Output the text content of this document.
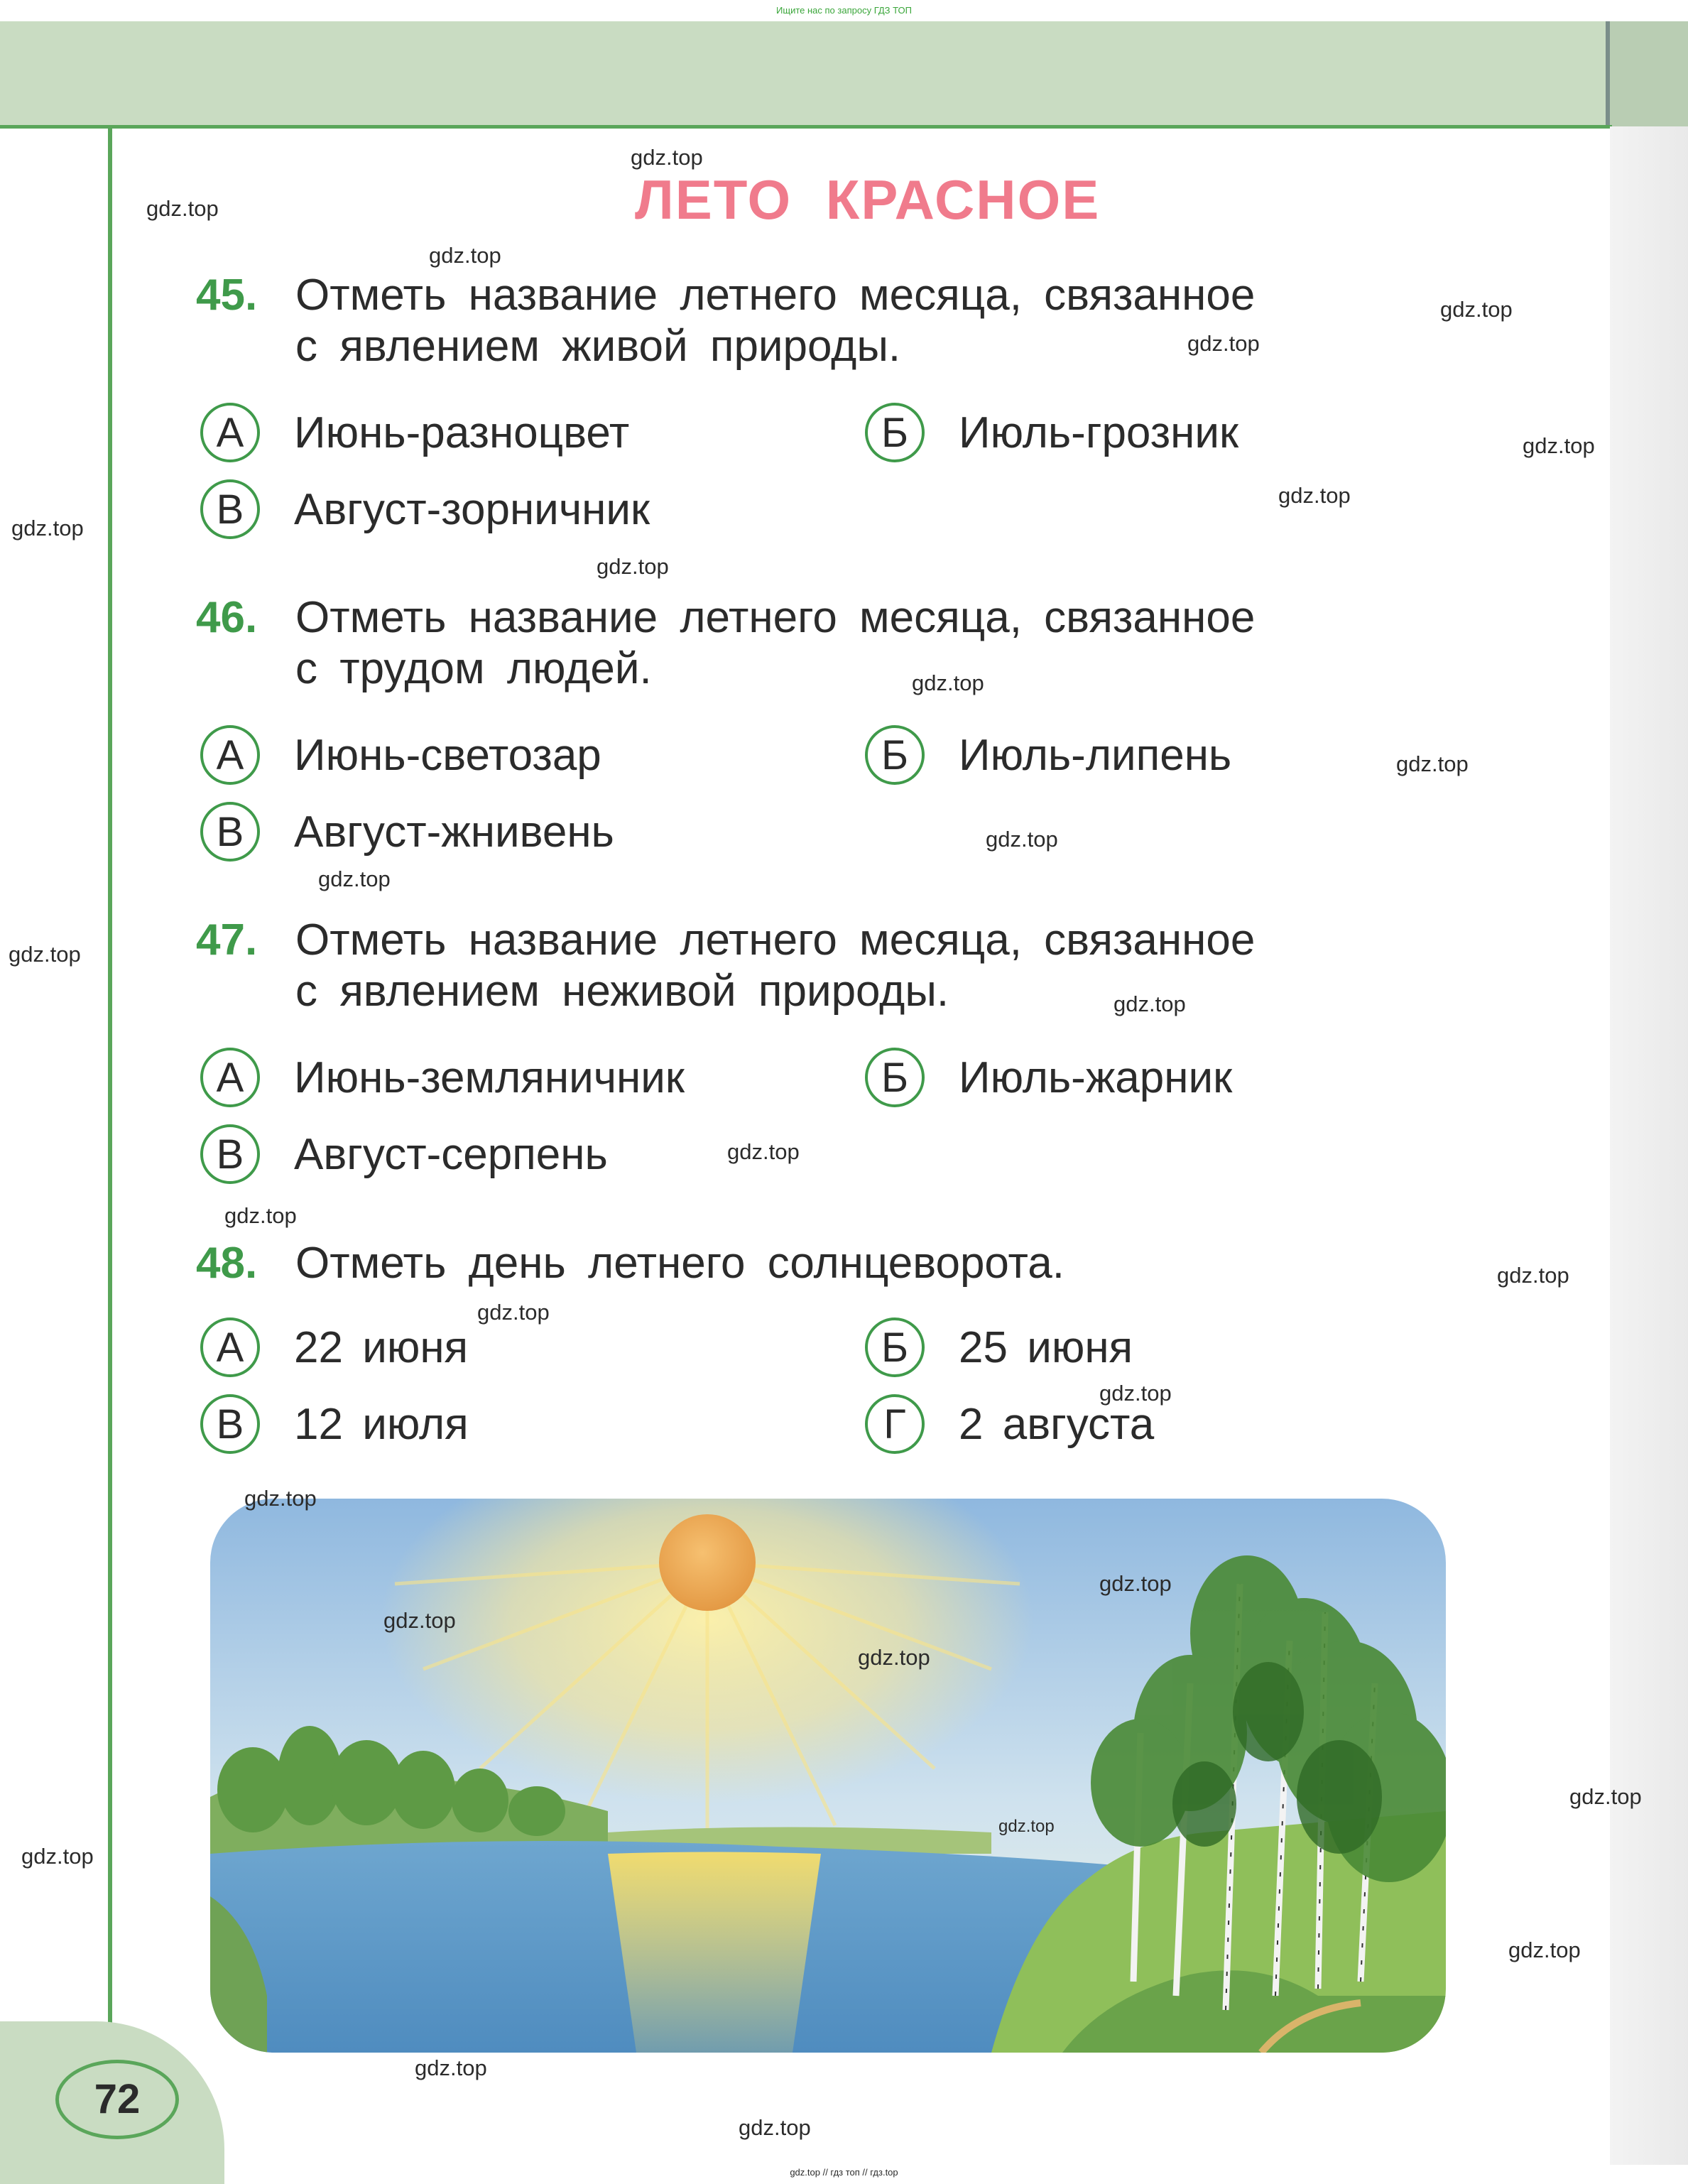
Ищите нас по запросу ГДЗ ТОП
ЛЕТО КРАСНОЕ
45. Отметь название летнего месяца, связанное
с явлением живой природы.
А	Июнь-разноцвет	Б	Июль-грозник
В	Август-зорничник
46. Отметь название летнего месяца, связанное
с трудом людей.
А	Июнь-светозар	Б	Июль-липень
В	Август-жнивень
47. Отметь название летнего месяца, связанное
с явлением неживой природы.
А	Июнь-земляничник	Б	Июль-жарник
В	Август-серпень
48. Отметь день летнего солнцеворота.
А	22 июня	Б	25 июня
В	12 июля	Г	2 августа
72
gdz.top
gdz.top
gdz.top
gdz.top
gdz.top
gdz.top
gdz.top
gdz.top
gdz.top
gdz.top
gdz.top
gdz.top
gdz.top
gdz.top
gdz.top
gdz.top
gdz.top
gdz.top
gdz.top
gdz.top
gdz.top
gdz.top
gdz.top
gdz.top
gdz.top
gdz.top
gdz.top
gdz.top
gdz.top
gdz.top
gdz.top // гдз топ // гдз.top
